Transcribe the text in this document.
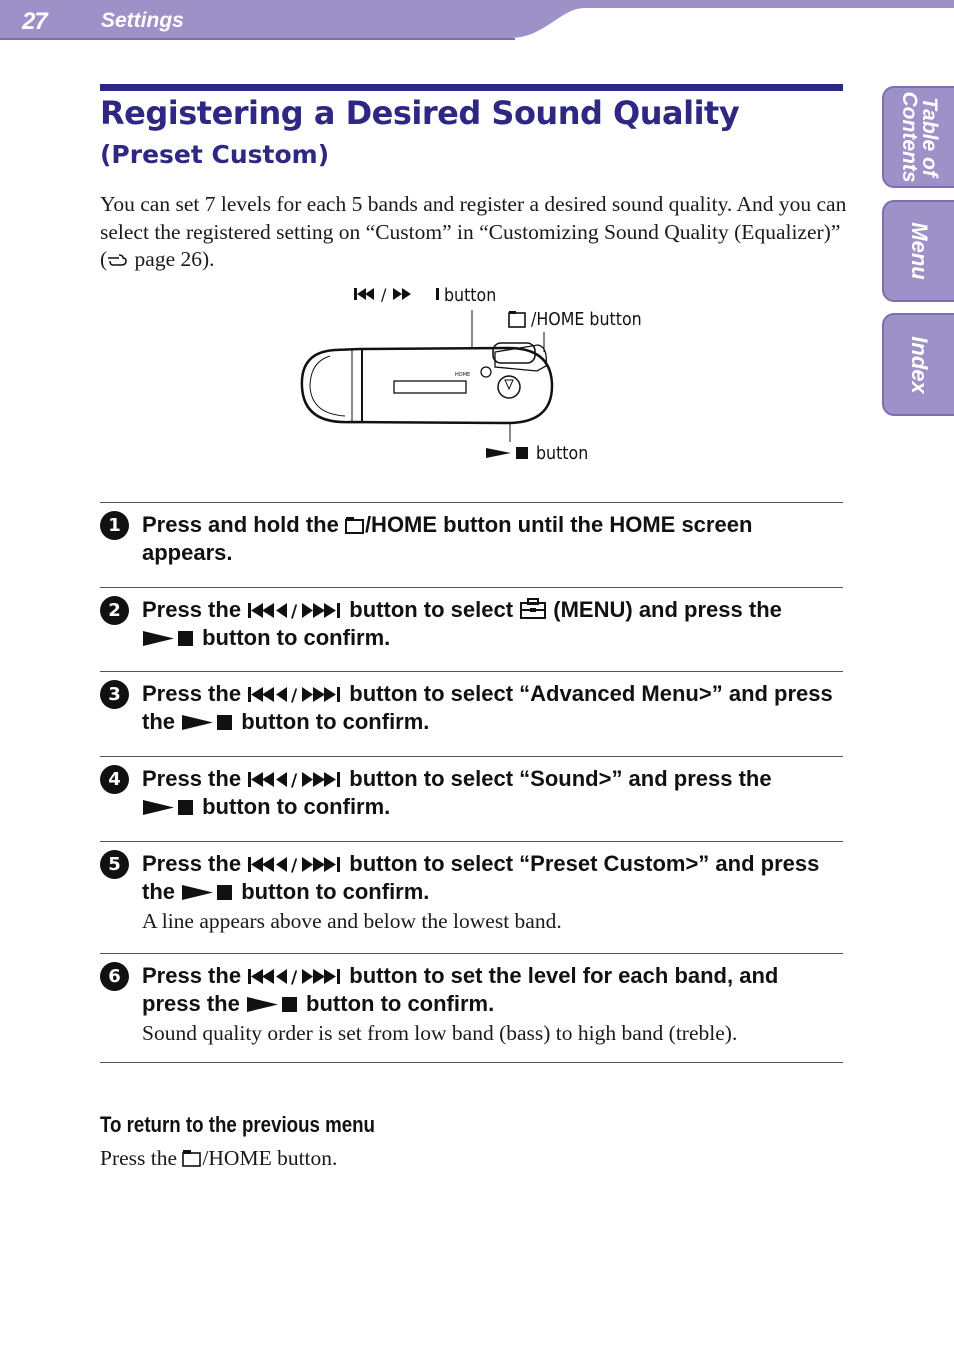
27	Settings
Table of
Contents
Menu
Index
Registering a Desired Sound Quality
(Preset Custom)

You can set 7 levels for each 5 bands and register a desired sound quality. And you can select the registered setting on “Custom” in “Customizing Sound Quality (Equalizer)” ( page 26).

/
HOME
button
/HOME button
button
1 Press and hold the /HOME button until the HOME screen appears.
2 Press the	/ button to select  (MENU) and press the
button to confirm.
3 Press the	/ button to select “Advanced Menu>” and press the  button to confirm.
4 Press the	/ button to select “Sound>” and press the
button to confirm.
5 Press the	/ button to select “Preset Custom>” and press the  button to confirm.
A line appears above and below the lowest band.
6 Press the	/ button to set the level for each band, and press the  button to confirm.
Sound quality order is set from low band (bass) to high band (treble).
To return to the previous menu
Press the /HOME button.
